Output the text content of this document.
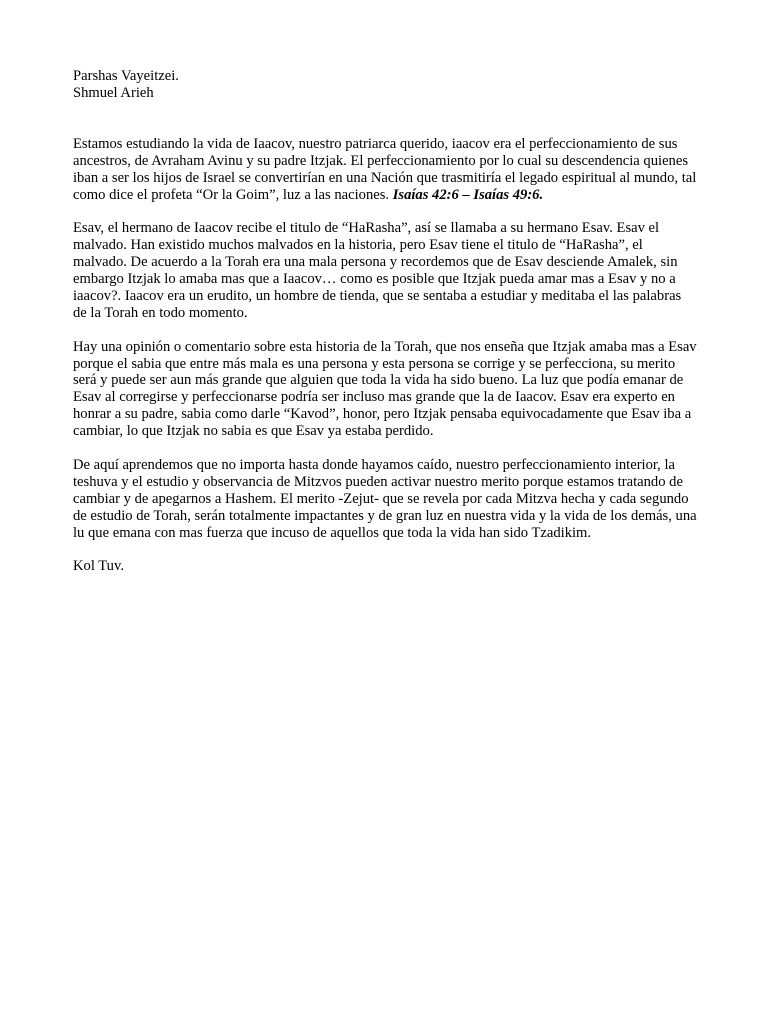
Parshas Vayeitzei.
Shmuel Arieh

Estamos estudiando la vida de Iaacov, nuestro patriarca querido, iaacov era el perfeccionamiento de sus ancestros, de Avraham Avinu y su padre Itzjak. El perfeccionamiento por lo cual su descendencia quienes iban a ser los hijos de Israel se convertirían en una Nación que trasmitiría el legado espiritual al mundo, tal como dice el profeta “Or la Goim”, luz a las naciones. Isaías 42:6 – Isaías 49:6.

Esav, el hermano de Iaacov recibe el titulo de “HaRasha”, así se llamaba a su hermano Esav. Esav el malvado. Han existido muchos malvados en la historia, pero Esav tiene el titulo de “HaRasha”, el malvado. De acuerdo a la Torah era una mala persona y recordemos que de Esav desciende Amalek, sin embargo Itzjak lo amaba mas que a Iaacov… como es posible que Itzjak pueda amar mas a Esav y no a iaacov?. Iaacov era un erudito, un hombre de tienda, que se sentaba a estudiar y meditaba el las palabras de la Torah en todo momento.

Hay una opinión o comentario sobre esta historia de la Torah, que nos enseña que Itzjak amaba mas a Esav porque el sabia que entre más mala es una persona y esta persona se corrige y se perfecciona, su merito será y puede ser aun más grande que alguien que toda la vida ha sido bueno. La luz que podía emanar de Esav al corregirse y perfeccionarse podría ser incluso mas grande que la de Iaacov. Esav era experto en honrar a su padre, sabia como darle “Kavod”, honor, pero Itzjak pensaba equivocadamente que Esav iba a cambiar, lo que Itzjak no sabia es que Esav ya estaba perdido.

De aquí aprendemos que no importa hasta donde hayamos caído, nuestro perfeccionamiento interior, la teshuva y el estudio y observancia de Mitzvos pueden activar nuestro merito porque estamos tratando de cambiar y de apegarnos a Hashem. El merito -Zejut- que se revela por cada Mitzva hecha y cada segundo de estudio de Torah, serán totalmente impactantes y de gran luz en nuestra vida y la vida de los demás, una lu que emana con mas fuerza que incuso de aquellos que toda la vida han sido Tzadikim.

Kol Tuv.
